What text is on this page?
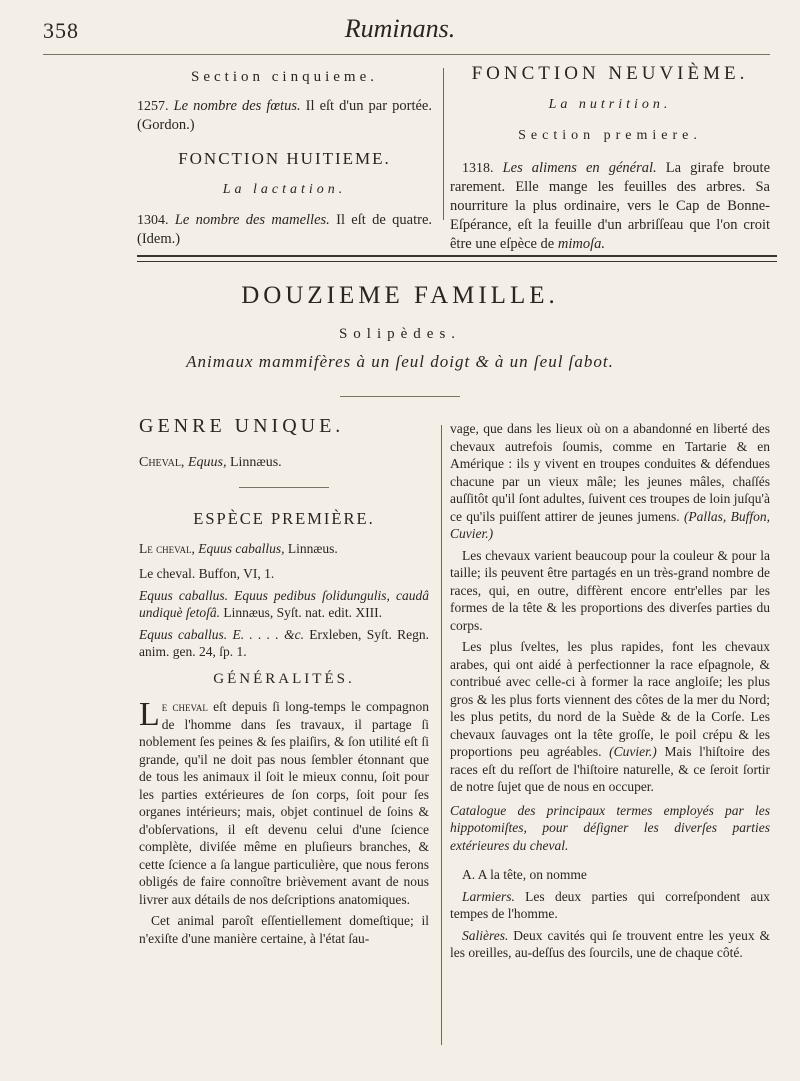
358	Ruminans.
Section cinquieme.

1257. Le nombre des fœtus. Il eſt d'un par portée. (Gordon.)

FONCTION HUITIEME.
La lactation.

1304. Le nombre des mamelles. Il eſt de quatre. (Idem.)

FONCTION NEUVIÈME.
La nutrition.
Section premiere.

1318. Les alimens en général. La girafe broute rarement. Elle mange les feuilles des arbres. Sa nourriture la plus ordinaire, vers le Cap de Bonne-Eſpérance, eſt la feuille d'un arbriſſeau que l'on croit être une eſpèce de mimoſa.

DOUZIEME FAMILLE.
Solipèdes.
Animaux mammifères à un ſeul doigt & à un ſeul ſabot.
GENRE UNIQUE.
Cheval, Equus, Linnæus.
ESPÈCE PREMIÈRE.

Le cheval, Equus caballus, Linnæus.

Le cheval. Buffon, VI, 1.

Equus caballus. Equus pedibus ſolidungulis, caudâ undiquè ſetoſâ. Linnæus, Syſt. nat. edit. XIII.

Equus caballus. E. . . . . &c. Erxleben, Syſt. Regn. anim. gen. 24, ſp. 1.

GÉNÉRALITÉS.

Le cheval eſt depuis ſi long-temps le compagnon de l'homme dans ſes travaux, il partage ſi noblement ſes peines & ſes plaiſirs, & ſon utilité eſt ſi grande, qu'il ne doit pas nous ſembler étonnant que de tous les animaux il ſoit le mieux connu, ſoit pour les parties extérieures de ſon corps, ſoit pour ſes organes intérieurs; mais, objet continuel de ſoins & d'obſervations, il eſt devenu celui d'une ſcience complète, diviſée même en pluſieurs branches, & cette ſcience a ſa langue particulière, que nous ferons obligés de faire connoître brièvement avant de nous livrer aux détails de nos deſcriptions anatomiques.

Cet animal paroît eſſentiellement domeſtique; il n'exiſte d'une manière certaine, à l'état ſau-

vage, que dans les lieux où on a abandonné en liberté des chevaux autrefois ſoumis, comme en Tartarie & en Amérique : ils y vivent en troupes conduites & défendues chacune par un vieux mâle; les jeunes mâles, chaſſés auſſitôt qu'il ſont adultes, ſuivent ces troupes de loin juſqu'à ce qu'ils puiſſent attirer de jeunes jumens. (Pallas, Buffon, Cuvier.)

Les chevaux varient beaucoup pour la couleur & pour la taille; ils peuvent être partagés en un très-grand nombre de races, qui, en outre, diffèrent encore entr'elles par les formes de la tête & les proportions des diverſes parties du corps.

Les plus ſveltes, les plus rapides, font les chevaux arabes, qui ont aidé à perfectionner la race eſpagnole, & contribué avec celle-ci à former la race angloiſe; les plus gros & les plus forts viennent des côtes de la mer du Nord; les plus petits, du nord de la Suède & de la Corſe. Les chevaux ſauvages ont la tête groſſe, le poil crépu & les proportions peu agréables. (Cuvier.) Mais l'hiſtoire des races eſt du reſſort de l'hiſtoire naturelle, & ce ſeroit ſortir de notre ſujet que de nous en occuper.

Catalogue des principaux termes employés par les hippotomiſtes, pour déſigner les diverſes parties extérieures du cheval.

A. A la tête, on nomme

Larmiers. Les deux parties qui correſpondent aux tempes de l'homme.

Salières. Deux cavités qui ſe trouvent entre les yeux & les oreilles, au-deſſus des ſourcils, une de chaque côté.
